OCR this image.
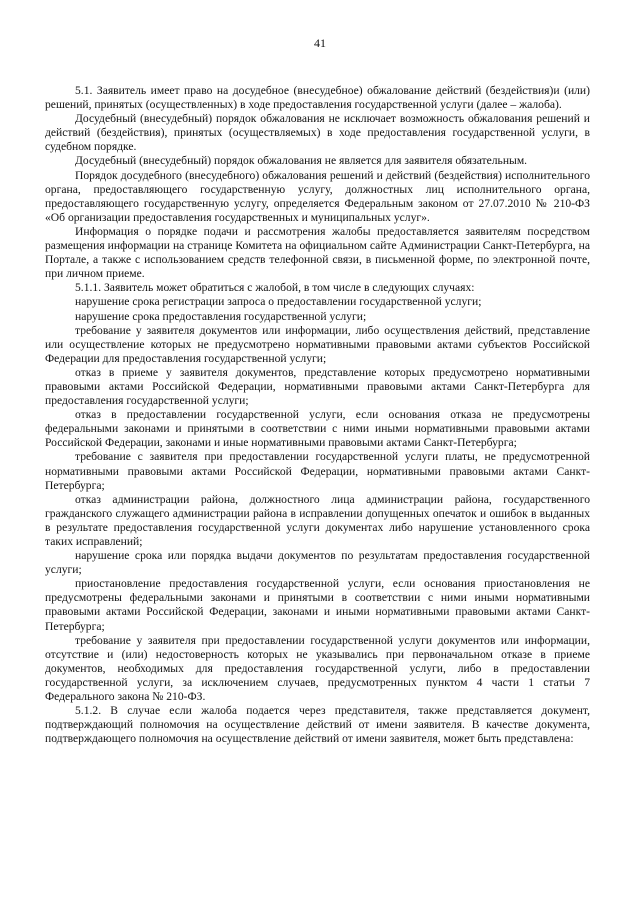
41

5.1. Заявитель имеет право на досудебное (внесудебное) обжалование действий (бездействия)и (или) решений, принятых (осуществленных) в ходе предоставления государственной услуги (далее – жалоба).

Досудебный (внесудебный) порядок обжалования не исключает возможность обжалования решений и действий (бездействия), принятых (осуществляемых) в ходе предоставления государственной услуги, в судебном порядке.

Досудебный (внесудебный) порядок обжалования не является для заявителя обязательным.

Порядок досудебного (внесудебного) обжалования решений и действий (бездействия) исполнительного органа, предоставляющего государственную услугу, должностных лиц исполнительного органа, предоставляющего государственную услугу, определяется Федеральным законом от 27.07.2010 № 210-ФЗ «Об организации предоставления государственных и муниципальных услуг».

Информация о порядке подачи и рассмотрения жалобы предоставляется заявителям посредством размещения информации на странице Комитета на официальном сайте Администрации Санкт-Петербурга, на Портале, а также с использованием средств телефонной связи, в письменной форме, по электронной почте, при личном приеме.

5.1.1. Заявитель может обратиться с жалобой, в том числе в следующих случаях:

нарушение срока регистрации запроса о предоставлении государственной услуги;

нарушение срока предоставления государственной услуги;

требование у заявителя документов или информации, либо осуществления действий, представление или осуществление которых не предусмотрено нормативными правовыми актами субъектов Российской Федерации для предоставления государственной услуги;

отказ в приеме у заявителя документов, представление которых предусмотрено нормативными правовыми актами Российской Федерации, нормативными правовыми актами Санкт-Петербурга для предоставления государственной услуги;

отказ в предоставлении государственной услуги, если основания отказа не предусмотрены федеральными законами и принятыми в соответствии с ними иными нормативными правовыми актами Российской Федерации, законами и иные нормативными правовыми актами Санкт-Петербурга;

требование с заявителя при предоставлении государственной услуги платы, не предусмотренной нормативными правовыми актами Российской Федерации, нормативными правовыми актами Санкт-Петербурга;

отказ администрации района, должностного лица администрации района, государственного гражданского служащего администрации района в исправлении допущенных опечаток и ошибок в выданных в результате предоставления государственной услуги документах либо нарушение установленного срока таких исправлений;

нарушение срока или порядка выдачи документов по результатам предоставления государственной услуги;

приостановление предоставления государственной услуги, если основания приостановления не предусмотрены федеральными законами и принятыми в соответствии с ними иными нормативными правовыми актами Российской Федерации, законами и иными нормативными правовыми актами Санкт-Петербурга;

требование у заявителя при предоставлении государственной услуги документов или информации, отсутствие и (или) недостоверность которых не указывались при первоначальном отказе в приеме документов, необходимых для предоставления государственной услуги, либо в предоставлении государственной услуги, за исключением случаев, предусмотренных пунктом 4 части 1 статьи 7 Федерального закона № 210-ФЗ.

5.1.2. В случае если жалоба подается через представителя, также представляется документ, подтверждающий полномочия на осуществление действий от имени заявителя. В качестве документа, подтверждающего полномочия на осуществление действий от имени заявителя, может быть представлена:
